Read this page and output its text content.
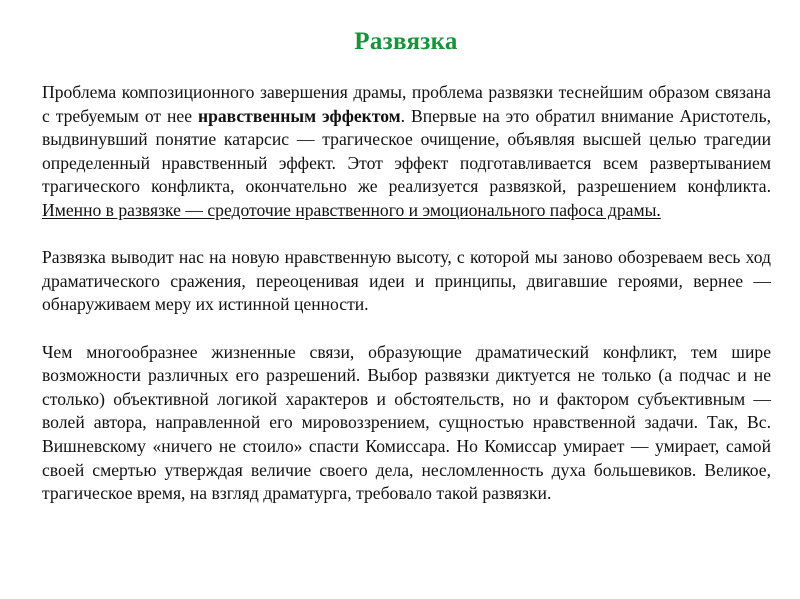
Развязка

Проблема композиционного завершения драмы, проблема развязки теснейшим образом связана с требуемым от нее нравственным эффектом. Впервые на это обратил внимание Аристотель, выдвинувший понятие катарсис — трагическое очищение, объявляя высшей целью трагедии определенный нравственный эффект. Этот эффект подготавливается всем развертыванием трагического конфликта, окончательно же реализуется развязкой, разрешением конфликта. Именно в развязке — средоточие нравственного и эмоционального пафоса драмы.

Развязка выводит нас на новую нравственную высоту, с которой мы заново обозреваем весь ход драматического сражения, переоценивая идеи и принципы, двигавшие героями, вернее — обнаруживаем меру их истинной ценности.

Чем многообразнее жизненные связи, образующие драматический конфликт, тем шире возможности различных его разрешений. Выбор развязки диктуется не только (а подчас и не столько) объективной логикой характеров и обстоятельств, но и фактором субъективным — волей автора, направленной его мировоззрением, сущностью нравственной задачи. Так, Вс. Вишневскому «ничего не стоило» спасти Комиссара. Но Комиссар умирает — умирает, самой своей смертью утверждая величие своего дела, несломленность духа большевиков. Великое, трагическое время, на взгляд драматурга, требовало такой развязки.
